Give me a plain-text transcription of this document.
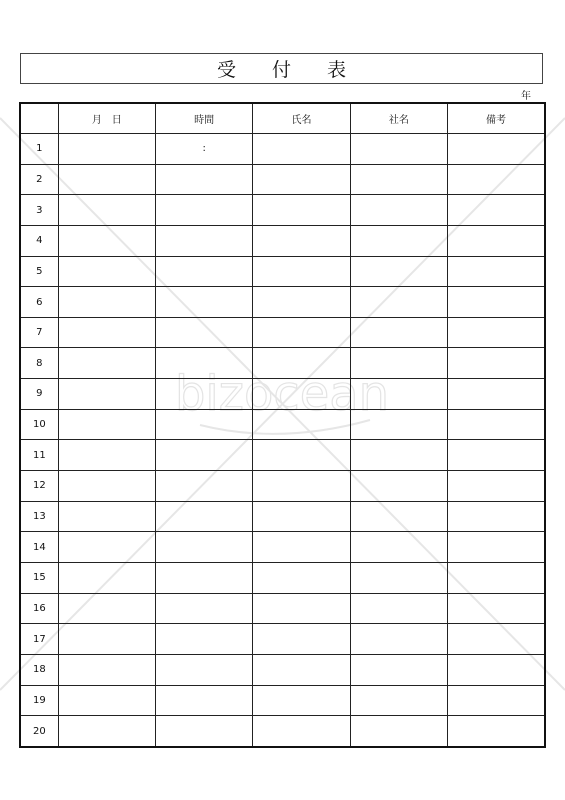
bizocean
受 付 表
年
	月　日	時間	氏名	社名	備考
1		:			
2					
3					
4					
5					
6					
7					
8					
9					
10					
11					
12					
13					
14					
15					
16					
17					
18					
19					
20					
